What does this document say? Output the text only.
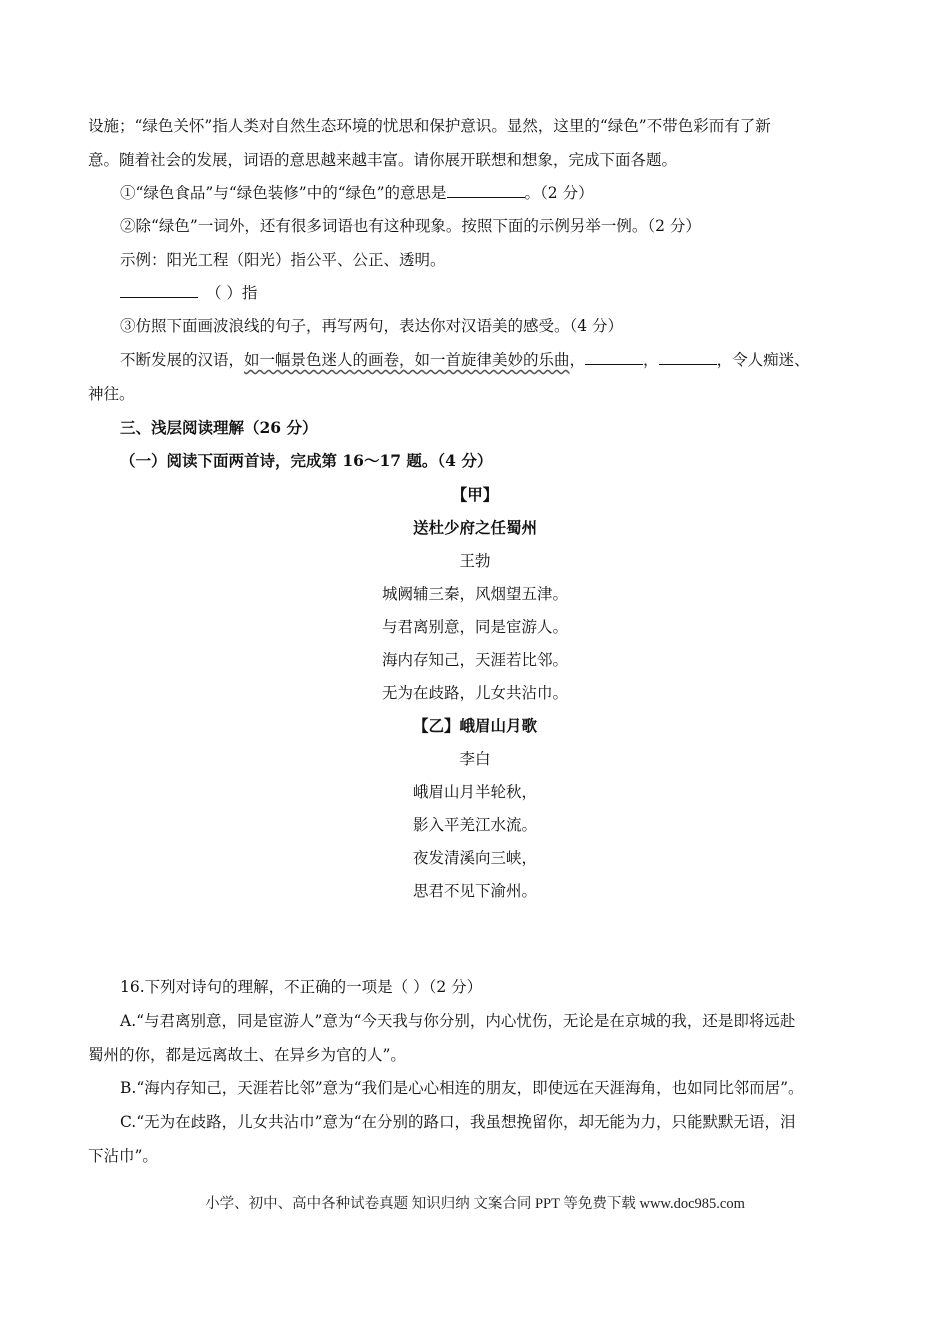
设施；“绿色关怀”指人类对自然生态环境的忧思和保护意识。显然，这里的“绿色”不带色彩而有了新
意。随着社会的发展，词语的意思越来越丰富。请你展开联想和想象，完成下面各题。
①“绿色食品”与“绿色装修”中的“绿色”的意思是	。（2 分）
②除“绿色”一词外，还有很多词语也有这种现象。按照下面的示例另举一例。（2 分）
示例：阳光工程（阳光）指公平、公正、透明。
（ ）指
③仿照下面画波浪线的句子，再写两句，表达你对汉语美的感受。（4 分）
不断发展的汉语，如一幅景色迷人的画卷，如一首旋律美妙的乐曲，	，	，令人痴迷、
神往。
三、浅层阅读理解（26 分）
（一）阅读下面两首诗，完成第 16～17 题。（4 分）
【甲】
送杜少府之任蜀州
王勃
城阙辅三秦，风烟望五津。
与君离别意，同是宦游人。
海内存知己，天涯若比邻。
无为在歧路，儿女共沾巾。
【乙】峨眉山月歌
李白
峨眉山月半轮秋，
影入平羌江水流。
夜发清溪向三峡，
思君不见下渝州。
16.下列对诗句的理解，不正确的一项是（ ）（2 分）
A.“与君离别意，同是宦游人”意为“今天我与你分别，内心忧伤，无论是在京城的我，还是即将远赴
蜀州的你，都是远离故土、在异乡为官的人”。
B.“海内存知己，天涯若比邻”意为“我们是心心相连的朋友，即使远在天涯海角，也如同比邻而居”。
C.“无为在歧路，儿女共沾巾”意为“在分别的路口，我虽想挽留你，却无能为力，只能默默无语，泪
下沾巾”。
小学、初中、高中各种试卷真题 知识归纳 文案合同 PPT 等免费下载 www.doc985.com
